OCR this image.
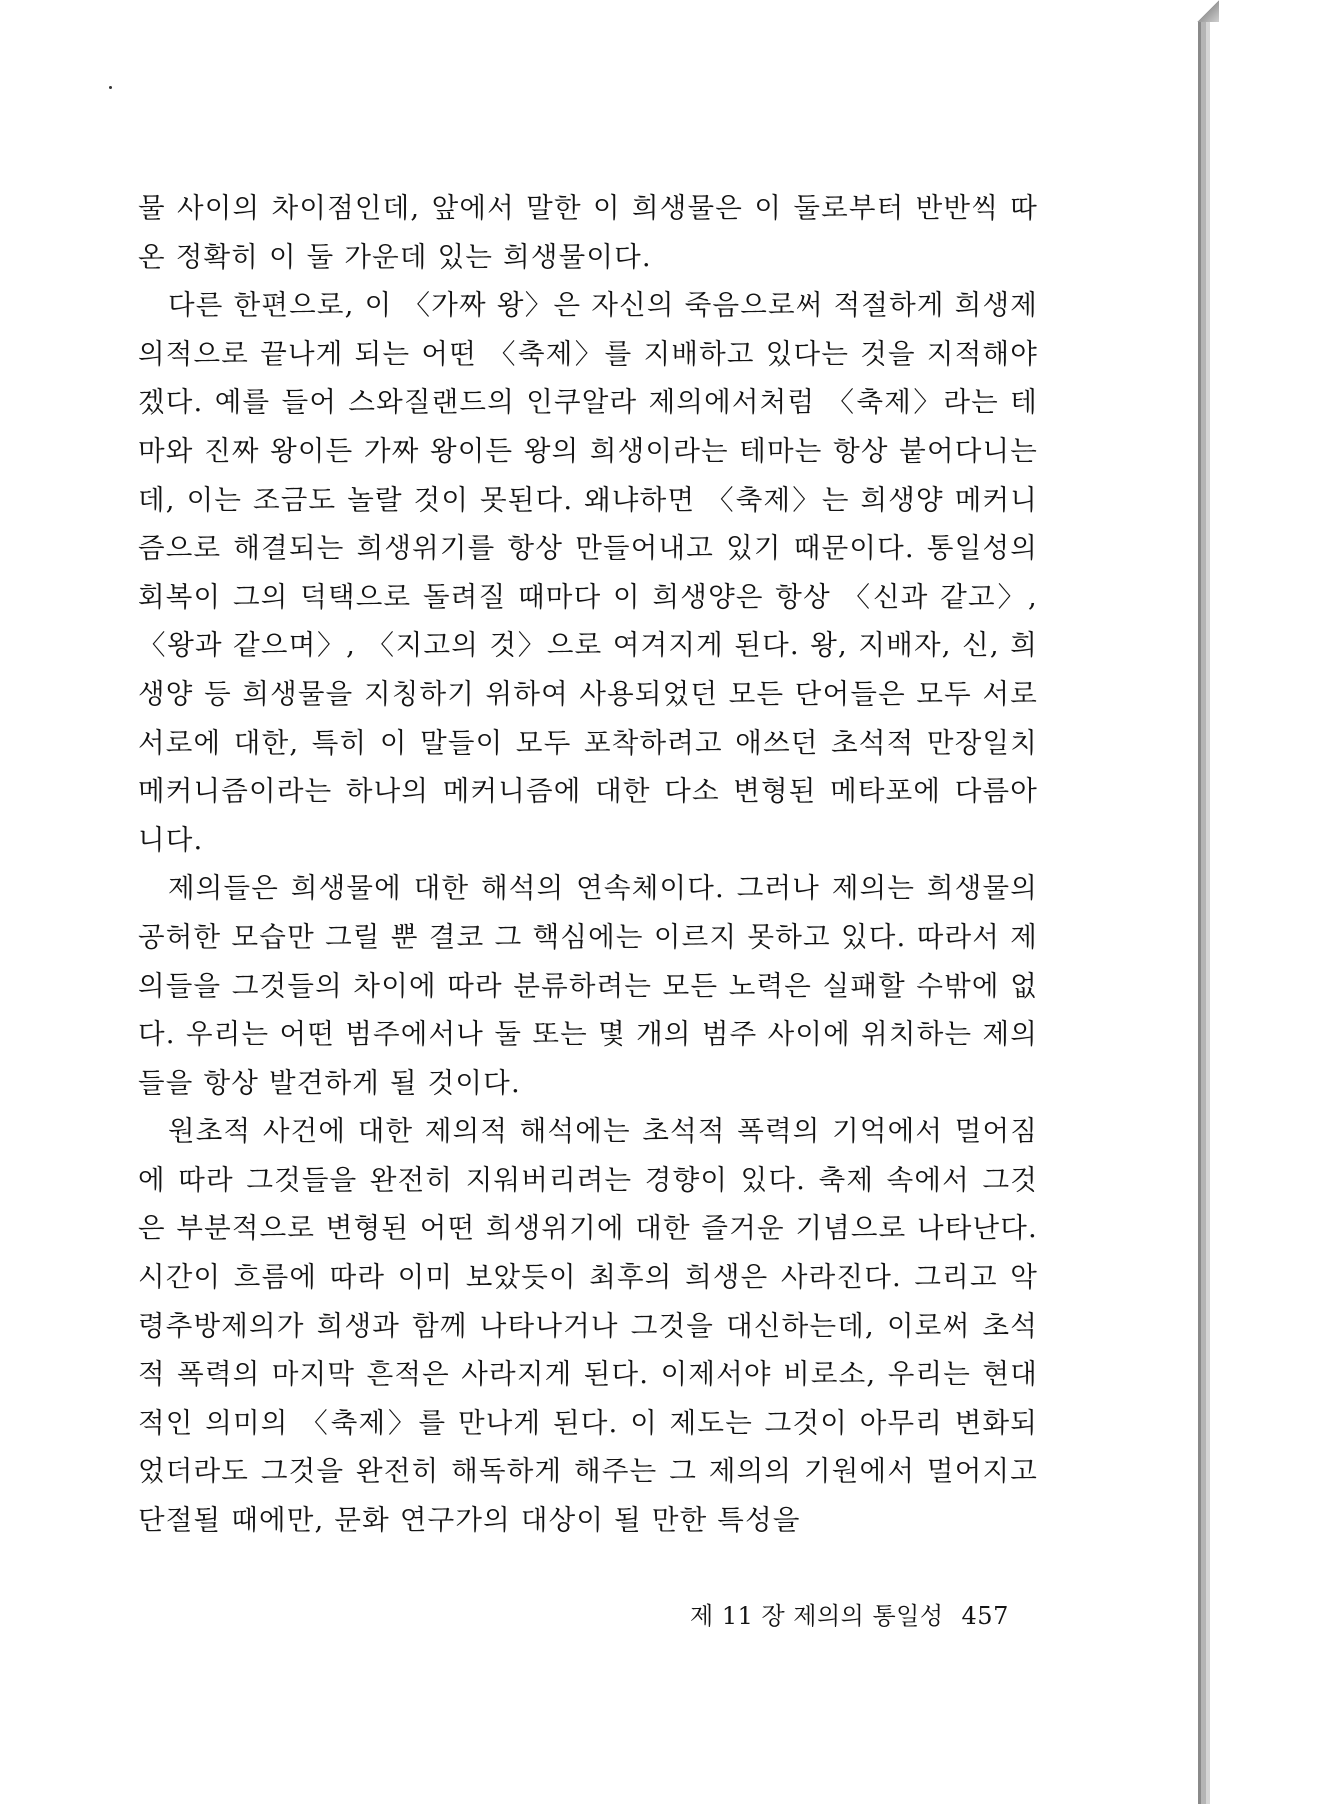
물 사이의 차이점인데, 앞에서 말한 이 희생물은 이 둘로부터 반반씩 따온 정확히 이 둘 가운데 있는 희생물이다.

다른 한편으로, 이 〈가짜 왕〉은 자신의 죽음으로써 적절하게 희생제의적으로 끝나게 되는 어떤 〈축제〉를 지배하고 있다는 것을 지적해야겠다. 예를 들어 스와질랜드의 인쿠알라 제의에서처럼 〈축제〉라는 테마와 진짜 왕이든 가짜 왕이든 왕의 희생이라는 테마는 항상 붙어다니는데, 이는 조금도 놀랄 것이 못된다. 왜냐하면 〈축제〉는 희생양 메커니즘으로 해결되는 희생위기를 항상 만들어내고 있기 때문이다. 통일성의 회복이 그의 덕택으로 돌려질 때마다 이 희생양은 항상 〈신과 같고〉, 〈왕과 같으며〉, 〈지고의 것〉으로 여겨지게 된다. 왕, 지배자, 신, 희생양 등 희생물을 지칭하기 위하여 사용되었던 모든 단어들은 모두 서로서로에 대한, 특히 이 말들이 모두 포착하려고 애쓰던 초석적 만장일치 메커니즘이라는 하나의 메커니즘에 대한 다소 변형된 메타포에 다름아니다.

제의들은 희생물에 대한 해석의 연속체이다. 그러나 제의는 희생물의 공허한 모습만 그릴 뿐 결코 그 핵심에는 이르지 못하고 있다. 따라서 제의들을 그것들의 차이에 따라 분류하려는 모든 노력은 실패할 수밖에 없다. 우리는 어떤 범주에서나 둘 또는 몇 개의 범주 사이에 위치하는 제의들을 항상 발견하게 될 것이다.

원초적 사건에 대한 제의적 해석에는 초석적 폭력의 기억에서 멀어짐에 따라 그것들을 완전히 지워버리려는 경향이 있다. 축제 속에서 그것은 부분적으로 변형된 어떤 희생위기에 대한 즐거운 기념으로 나타난다. 시간이 흐름에 따라 이미 보았듯이 최후의 희생은 사라진다. 그리고 악령추방제의가 희생과 함께 나타나거나 그것을 대신하는데, 이로써 초석적 폭력의 마지막 흔적은 사라지게 된다. 이제서야 비로소, 우리는 현대적인 의미의 〈축제〉를 만나게 된다. 이 제도는 그것이 아무리 변화되었더라도 그것을 완전히 해독하게 해주는 그 제의의 기원에서 멀어지고 단절될 때에만, 문화 연구가의 대상이 될 만한 특성을

제 11 장 제의의 통일성 457
